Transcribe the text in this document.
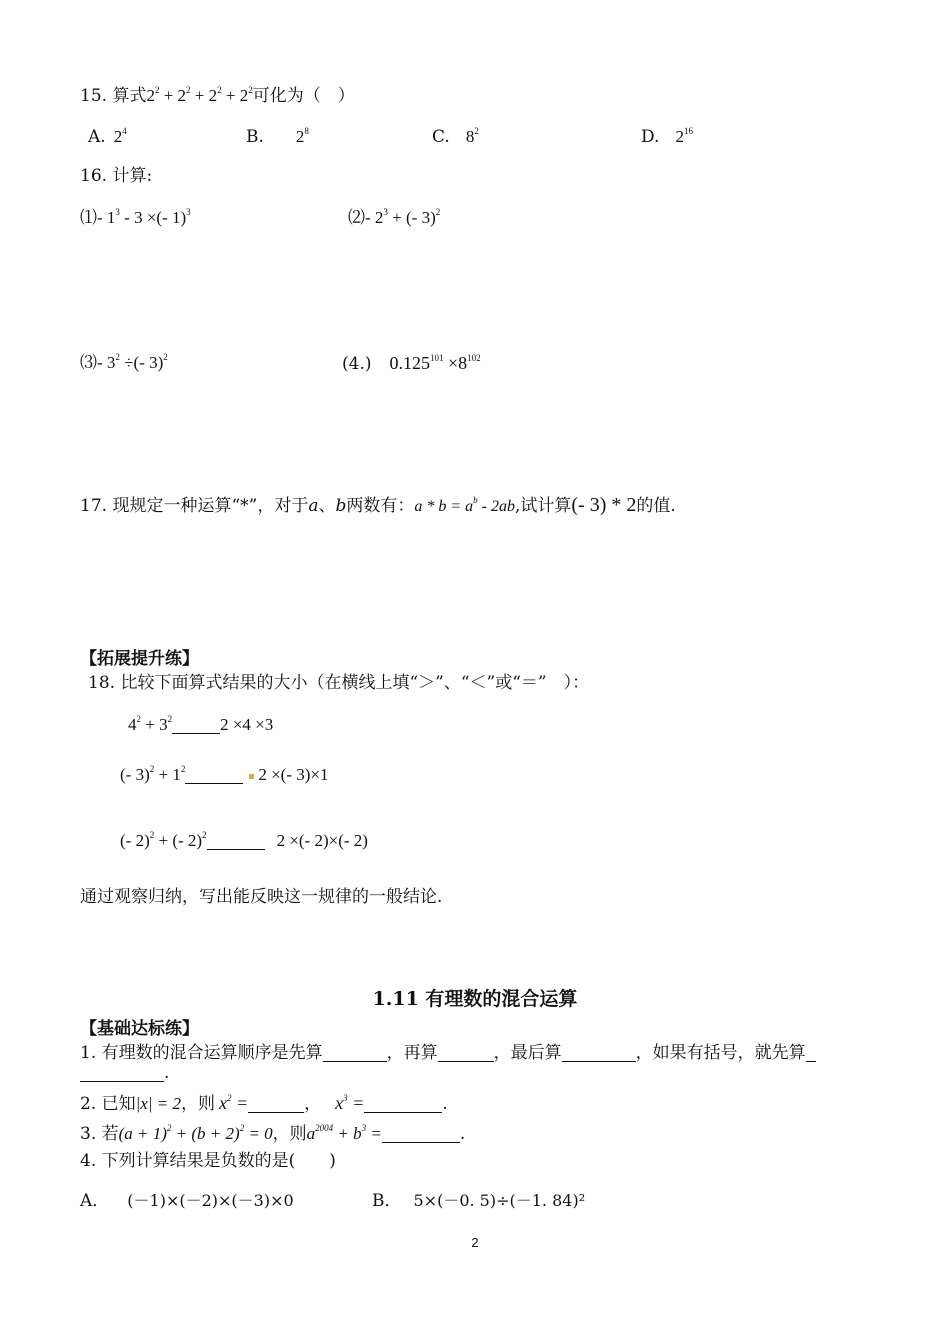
15. 算式$2^2 + 2^2 + 2^2 + 2^2$可化为（　）
A. $2^4$	B. $2^8$	C. $8^2$	D. $2^{16}$
16. 计算:
⑴- $1^3 - 3$ ×(- 1)$^3$	⑵- $2^3$ + (- 3)$^2$
⑶- $3^2$ ÷(- 3)$^2$	(4.) $0.125^{101} \times 8^{102}$
17. 现规定一种运算“*”，对于a、b两数有：$a * b = a^b - 2ab$,试计算(- 3) * 2的值.
【拓展提升练】
18. 比较下面算式结果的大小（在横线上填“＞”、“＜”或“＝”　）：
$4^2 + 3^2$	2 ×4 ×3
(- $3)^2 + 1^2$	2 ×(- 3)×1
(- 2)$^2$ + (- 2)$^2$	2 ×(- 2)×(- 2)
通过观察归纳，写出能反映这一规律的一般结论.
1.11 有理数的混合运算
【基础达标练】
1. 有理数的混合运算顺序是先算	，再算	，最后算	，如果有括号，就先算
.
2. 已知|x| = 2，则 $x^2$ =	， $x^3$ =	.
3. 若$(a + 1)^2 + (b + 2)^2 = 0$，则$a^{2004} + b^3$ =	.
4. 下列计算结果是负数的是(　　)
A． (－1)×(－2)×(－3)×0	B． 5×(－0. 5)÷(－1. 84)²
2
